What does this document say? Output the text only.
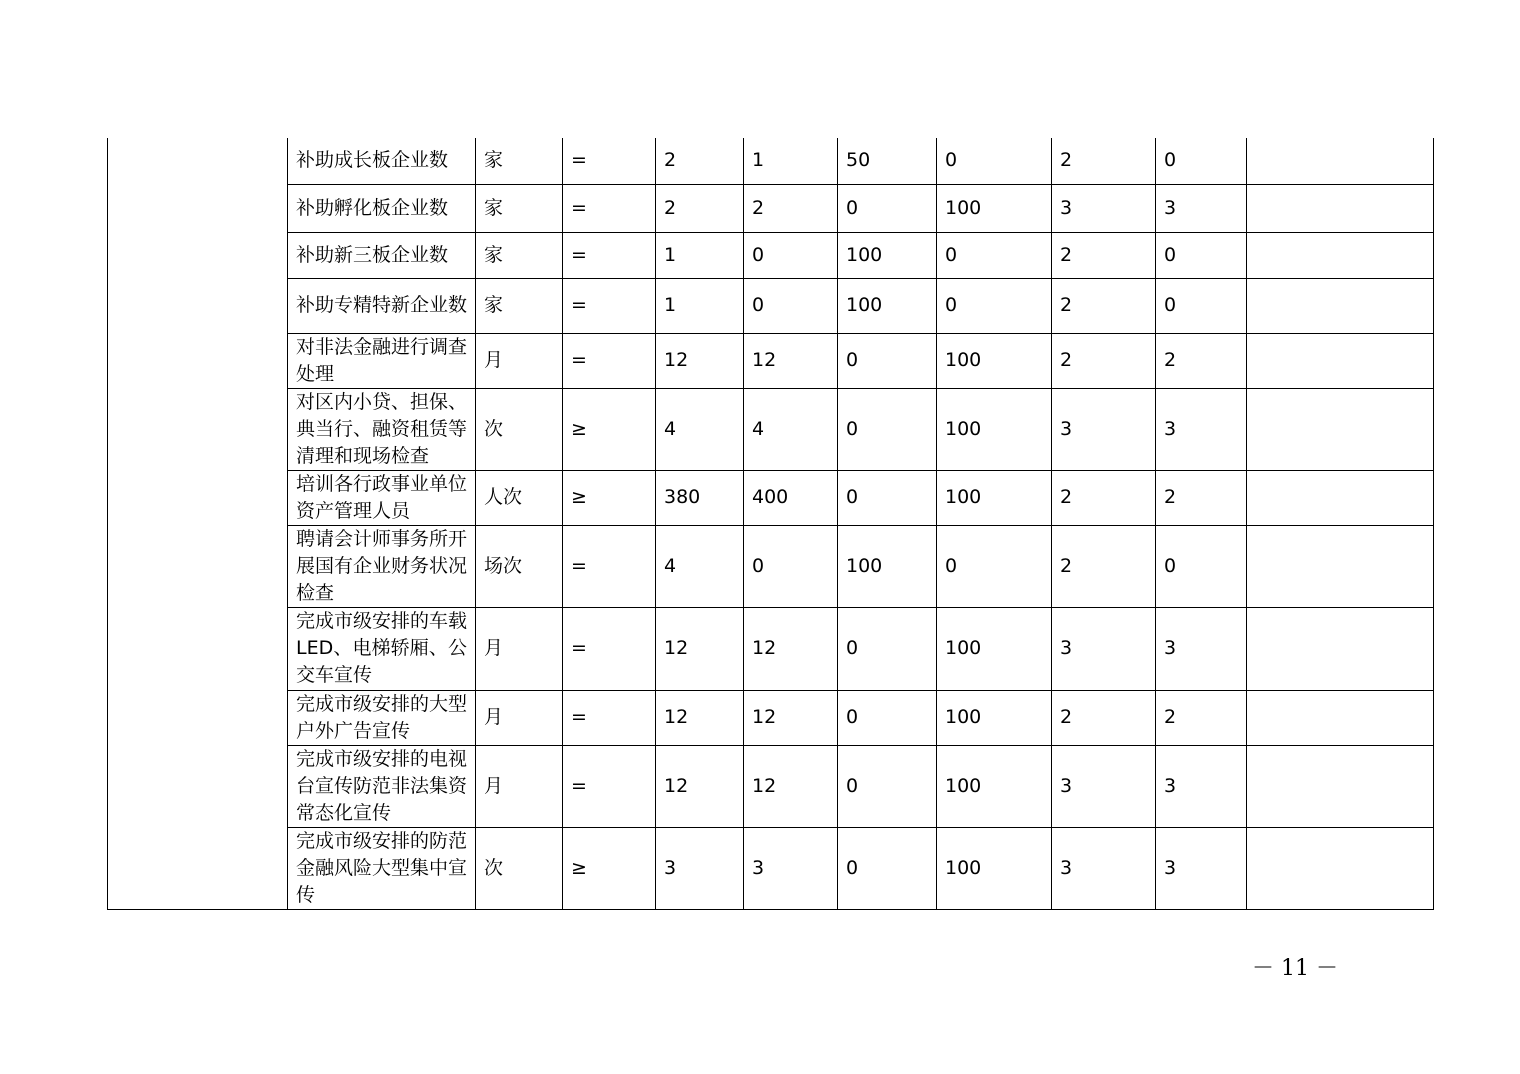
	补助成长板企业数	家	=	2	1	50	0	2	0	
	补助孵化板企业数	家	=	2	2	0	100	3	3	
	补助新三板企业数	家	=	1	0	100	0	2	0	
	补助专精特新企业数	家	=	1	0	100	0	2	0	
	对非法金融进行调查处理	月	=	12	12	0	100	2	2	
	对区内小贷、担保、典当行、融资租赁等清理和现场检查	次	≥	4	4	0	100	3	3	
	培训各行政事业单位资产管理人员	人次	≥	380	400	0	100	2	2	
	聘请会计师事务所开展国有企业财务状况检查	场次	=	4	0	100	0	2	0	
	完成市级安排的车载LED、电梯轿厢、公交车宣传	月	=	12	12	0	100	3	3	
	完成市级安排的大型户外广告宣传	月	=	12	12	0	100	2	2	
	完成市级安排的电视台宣传防范非法集资常态化宣传	月	=	12	12	0	100	3	3	
	完成市级安排的防范金融风险大型集中宣传	次	≥	3	3	0	100	3	3	
－ 11 －
